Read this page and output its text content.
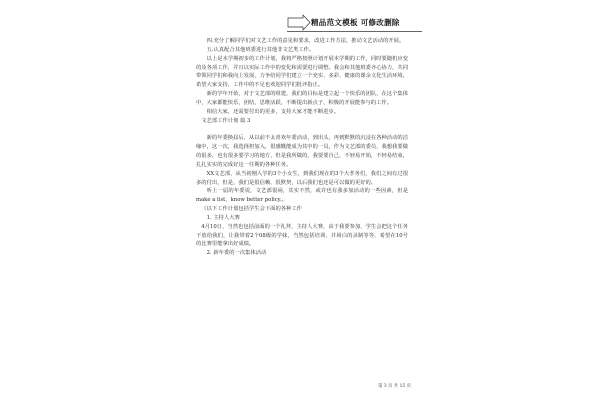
精品范文模板 可修改删除

四.充分了解同学们对文艺工作的意见和要求，改进工作方法，推动文艺活动的开展。

五.认真配合其他班委进行其他非文艺类工作。

以上是本学期初步的工作计划，我将严格按照计划开展本学期的工作，同时要随机应变的及各项工作，并且以实际工作中的变化和需要进行调整。我会和其他班委齐心协力，共同带领同学们和我向上发展，力争给同学们建立一个充实、多彩、健康的课余文化生活环境，希望大家支持，工作中的不足也欢迎同学们批评指正。

新的学年开始，对于文艺部的组建，我们的目标是建立起一个快乐的团队，在这个集体中，大家都能快乐，团结，思维活跃，不断提出新点子，积极的开展能参与的工作。

相信大家，还需要付出的更多，支持大家才能不断进步。

文艺部工作计划 篇 3

新的年委换届后，从以前不太喜欢年委活动，到出头，再到默默的沉浸在各种活动的洁缘中，这一次，我选择担加入，很感慨能成为其中的一员，作为文艺部的委员，我想我要做的很多，也有很多要学习的地方，但是我所做的，我要要自己，不轻易开始，不轻易结束，扎扎实实的完成好这一任期的各种任务。

XX文艺部，从当初刚入学的3个小女生，到我们现在的3个大孝务们，我们之间有过很多的付出，但是，我们是很信赖、很默契，以后我们也还是可以做的更好的。

听上一届的年委说，文艺部很闲，其实不然，或许也有我多加活动的一些因素，但是make a list，know better policy.。

（以下工作计划包括学生会下面的各种工作

1. 主持人大赛

4月10日，当然也包括前面的一个礼拜，主持人大赛，由于我要参加，学生会把这个任务下放给我们，让我带着2个08级的学妹，当然包括培训，并场白的录制等等，希望在10号的比赛里能拿出好成绩。

2. 新年委的一次集体活动

第 3 页 共 15 页
